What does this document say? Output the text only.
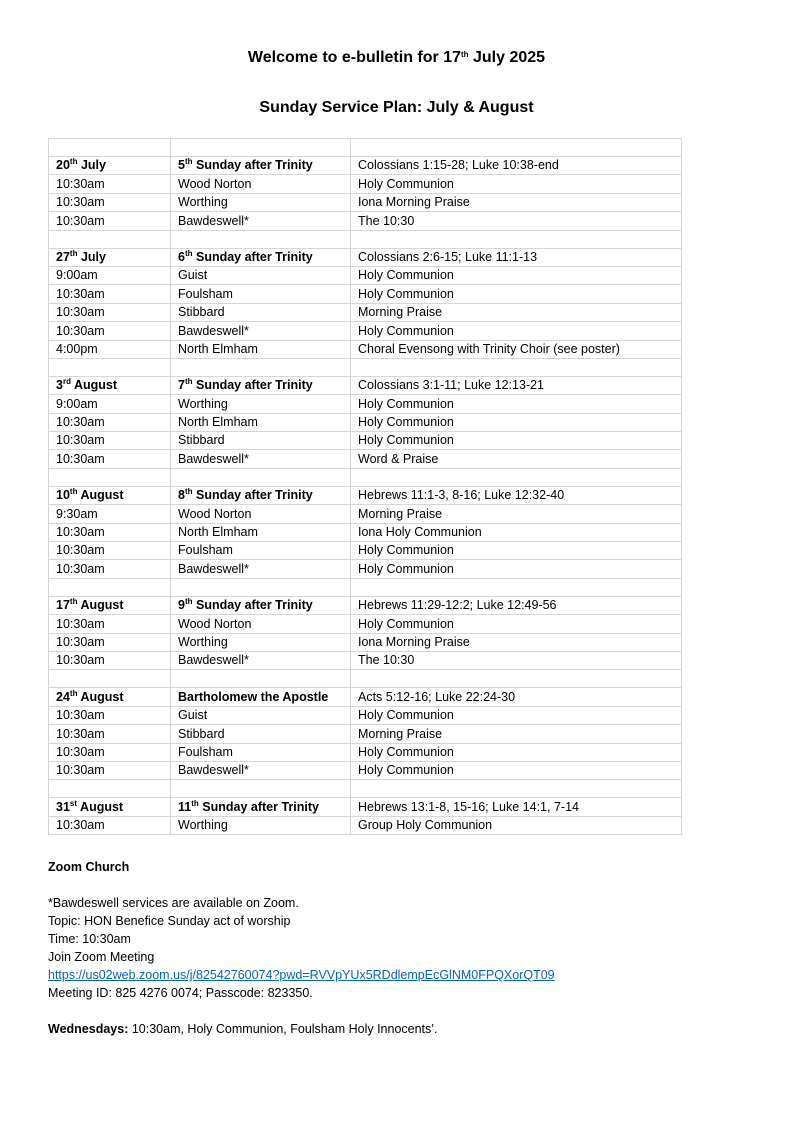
Welcome to e-bulletin for 17th July 2025
Sunday Service Plan: July & August

20th July	5th Sunday after Trinity	Colossians 1:15-28; Luke 10:38-end
10:30am	Wood Norton	Holy Communion
10:30am	Worthing	Iona Morning Praise
10:30am	Bawdeswell*	The 10:30

27th July	6th Sunday after Trinity	Colossians 2:6-15; Luke 11:1-13
9:00am	Guist	Holy Communion
10:30am	Foulsham	Holy Communion
10:30am	Stibbard	Morning Praise
10:30am	Bawdeswell*	Holy Communion
4:00pm	North Elmham	Choral Evensong with Trinity Choir (see poster)

3rd August	7th Sunday after Trinity	Colossians 3:1-11; Luke 12:13-21
9:00am	Worthing	Holy Communion
10:30am	North Elmham	Holy Communion
10:30am	Stibbard	Holy Communion
10:30am	Bawdeswell*	Word & Praise

10th August	8th Sunday after Trinity	Hebrews 11:1-3, 8-16; Luke 12:32-40
9:30am	Wood Norton	Morning Praise
10:30am	North Elmham	Iona Holy Communion
10:30am	Foulsham	Holy Communion
10:30am	Bawdeswell*	Holy Communion

17th August	9th Sunday after Trinity	Hebrews 11:29-12:2; Luke 12:49-56
10:30am	Wood Norton	Holy Communion
10:30am	Worthing	Iona Morning Praise
10:30am	Bawdeswell*	The 10:30

24th August	Bartholomew the Apostle	Acts 5:12-16; Luke 22:24-30
10:30am	Guist	Holy Communion
10:30am	Stibbard	Morning Praise
10:30am	Foulsham	Holy Communion
10:30am	Bawdeswell*	Holy Communion

31st August	11th Sunday after Trinity	Hebrews 13:1-8, 15-16; Luke 14:1, 7-14
10:30am	Worthing	Group Holy Communion

Zoom Church

*Bawdeswell services are available on Zoom.

Topic: HON Benefice Sunday act of worship

Time: 10:30am

Join Zoom Meeting

https://us02web.zoom.us/j/82542760074?pwd=RVVpYUx5RDdlempEcGlNM0FPQXorQT09

Meeting ID: 825 4276 0074; Passcode: 823350.

Wednesdays: 10:30am, Holy Communion, Foulsham Holy Innocents’.
